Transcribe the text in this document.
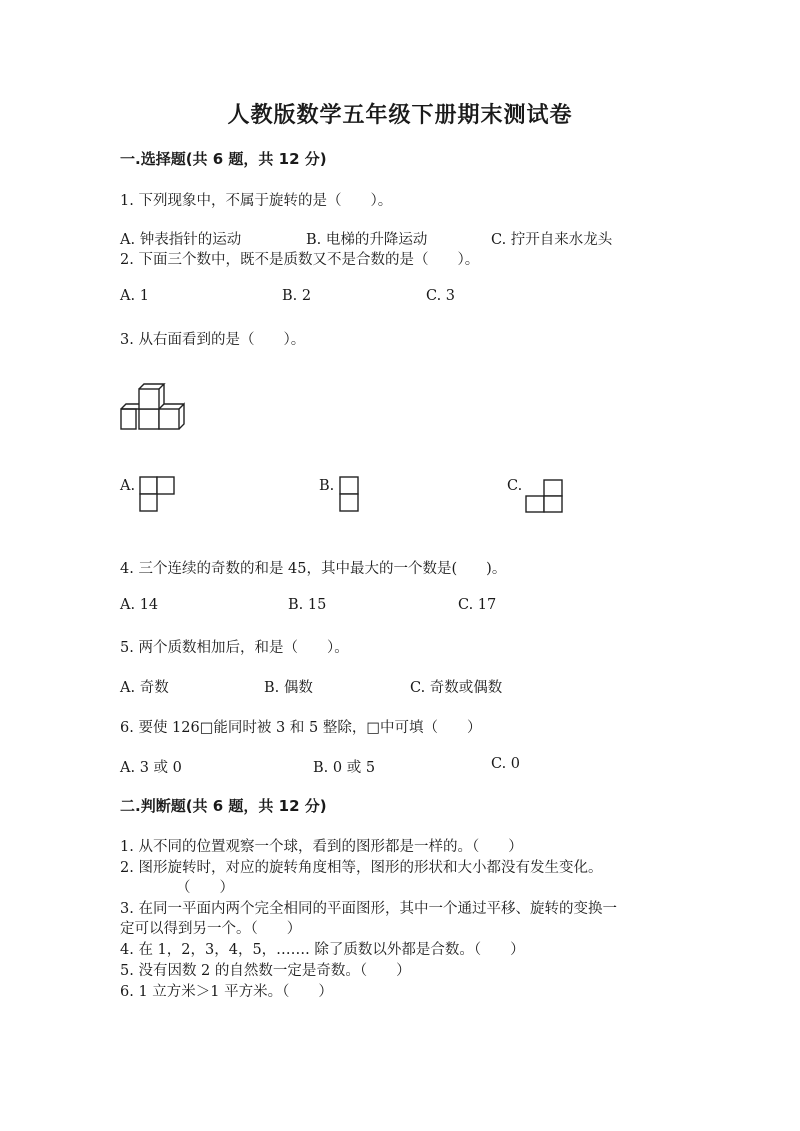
人教版数学五年级下册期末测试卷
一.选择题(共 6 题，共 12 分)
1. 下列现象中，不属于旋转的是（　　）。
A. 钟表指针的运动	B. 电梯的升降运动	C. 拧开自来水龙头
2. 下面三个数中，既不是质数又不是合数的是（　　）。
A. 1	B. 2	C. 3
3. 从右面看到的是（　　）。
A.	B.	C.
4. 三个连续的奇数的和是 45，其中最大的一个数是(　　)。
A. 14	B. 15	C. 17
5. 两个质数相加后，和是（　　）。
A. 奇数	B. 偶数	C. 奇数或偶数
6. 要使 126□能同时被 3 和 5 整除，□中可填（　　）
A. 3 或 0	B. 0 或 5	C. 0
二.判断题(共 6 题，共 12 分)
1. 从不同的位置观察一个球，看到的图形都是一样的。（　　）
2. 图形旋转时，对应的旋转角度相等，图形的形状和大小都没有发生变化。
（　　）
3. 在同一平面内两个完全相同的平面图形，其中一个通过平移、旋转的变换一
定可以得到另一个。（　　）
4. 在 1，2，3，4，5，……. 除了质数以外都是合数。（　　）
5. 没有因数 2 的自然数一定是奇数。（　　）
6. 1 立方米＞1 平方米。（　　）
